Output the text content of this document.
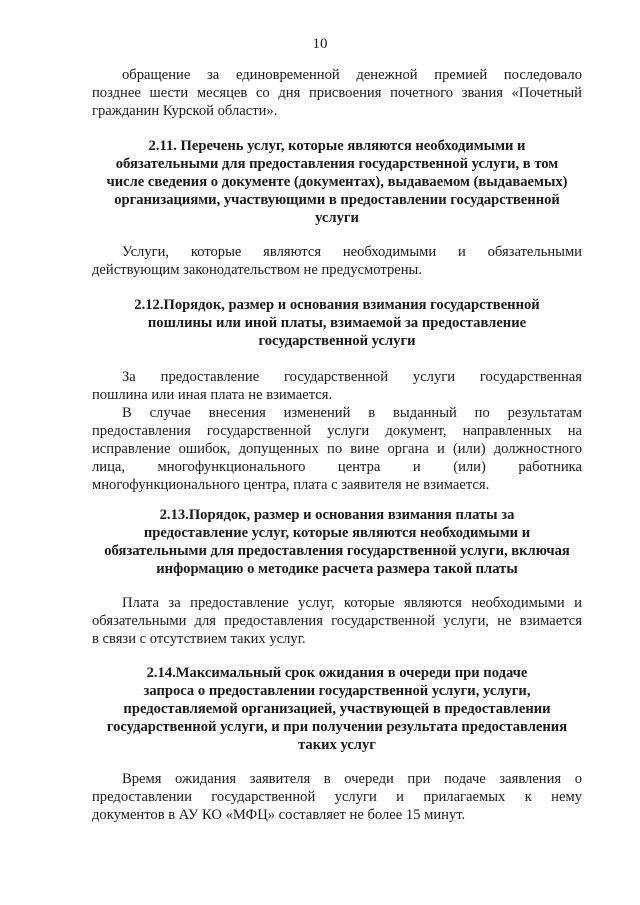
10

обращение за единовременной денежной премией последовало
позднее шести месяцев со дня присвоения почетного звания «Почетный
гражданин Курской области».

2.11. Перечень услуг, которые являются необходимыми и
обязательными для предоставления государственной услуги, в том
числе сведения о документе (документах), выдаваемом (выдаваемых)
организациями, участвующими в предоставлении государственной
услуги

Услуги, которые являются необходимыми и обязательными
действующим законодательством не предусмотрены.

2.12.Порядок, размер и основания взимания государственной
пошлины или иной платы, взимаемой за предоставление
государственной услуги

За предоставление государственной услуги государственная
пошлина или иная плата не взимается.

В случае внесения изменений в выданный по результатам
предоставления государственной услуги документ, направленных на
исправление ошибок, допущенных по вине органа и (или) должностного
лица, многофункционального центра и (или) работника
многофункционального центра, плата с заявителя не взимается.

2.13.Порядок, размер и основания взимания платы за
предоставление услуг, которые являются необходимыми и
обязательными для предоставления государственной услуги, включая
информацию о методике расчета размера такой платы

Плата за предоставление услуг, которые являются необходимыми и
обязательными для предоставления государственной услуги, не взимается
в связи с отсутствием таких услуг.

2.14.Максимальный срок ожидания в очереди при подаче
запроса о предоставлении государственной услуги, услуги,
предоставляемой организацией, участвующей в предоставлении
государственной услуги, и при получении результата предоставления
таких услуг

Время ожидания заявителя в очереди при подаче заявления о
предоставлении государственной услуги и прилагаемых к нему
документов в АУ КО «МФЦ» составляет не более 15 минут.
